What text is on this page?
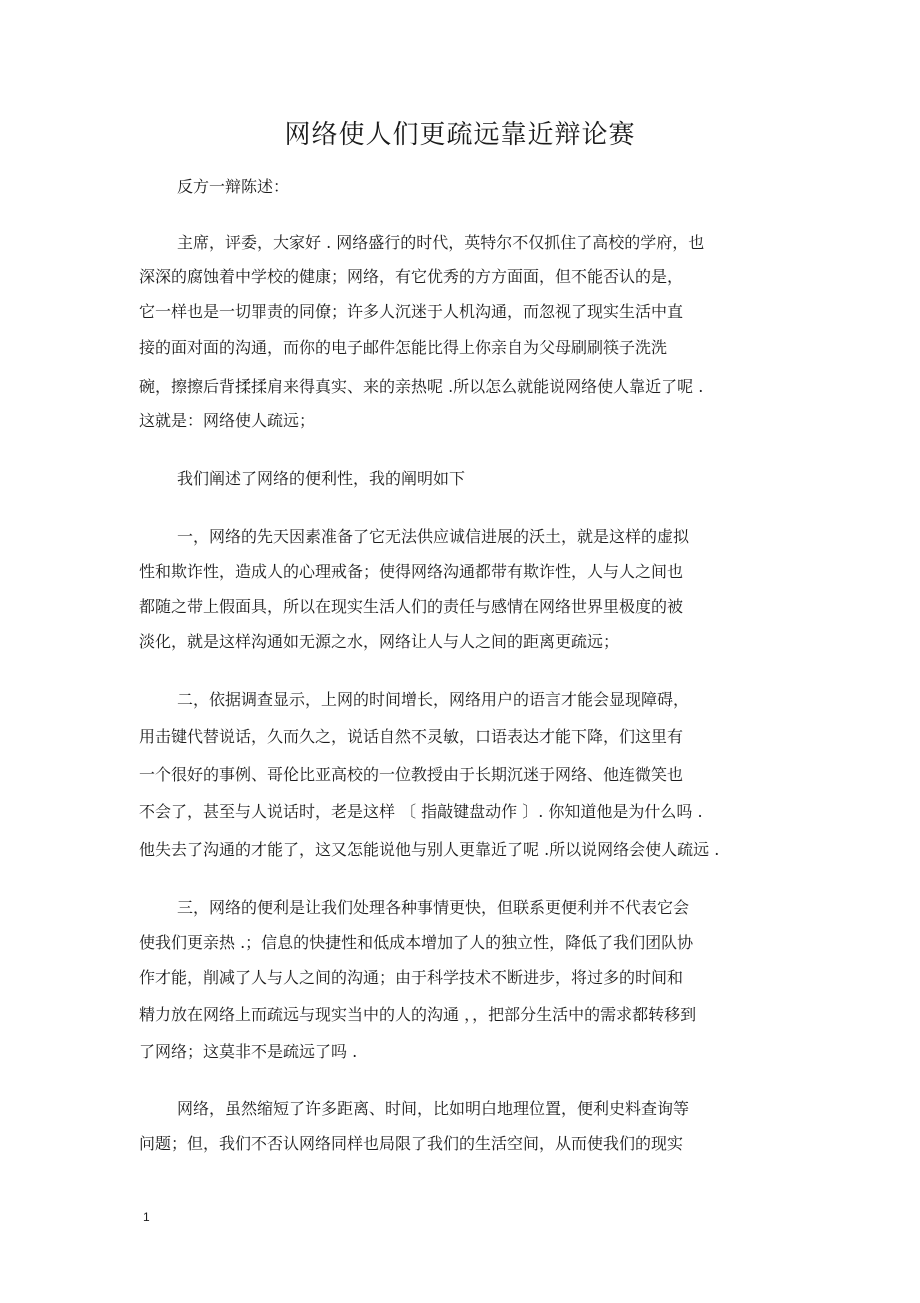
网络使人们更疏远靠近辩论赛
反方一辩陈述：
主席，评委，大家好 . 网络盛行的时代，英特尔不仅抓住了高校的学府，也
深深的腐蚀着中学校的健康；网络，有它优秀的方方面面，但不能否认的是，
它一样也是一切罪责的同僚；许多人沉迷于人机沟通，而忽视了现实生活中直
接的面对面的沟通，而你的电子邮件怎能比得上你亲自为父母刷刷筷子洗洗
碗，擦擦后背揉揉肩来得真实、来的亲热呢 .所以怎么就能说网络使人靠近了呢 .
这就是：网络使人疏远；
我们阐述了网络的便利性，我的阐明如下
一，网络的先天因素准备了它无法供应诚信进展的沃土，就是这样的虚拟
性和欺诈性，造成人的心理戒备；使得网络沟通都带有欺诈性，人与人之间也
都随之带上假面具，所以在现实生活人们的责任与感情在网络世界里极度的被
淡化，就是这样沟通如无源之水，网络让人与人之间的距离更疏远；
二，依据调查显示，上网的时间增长，网络用户的语言才能会显现障碍，
用击键代替说话，久而久之，说话自然不灵敏，口语表达才能下降，们这里有
一个很好的事例、哥伦比亚高校的一位教授由于长期沉迷于网络、他连微笑也
不会了，甚至与人说话时，老是这样 〔 指敲键盘动作 〕. 你知道他是为什么吗 .
他失去了沟通的才能了，这又怎能说他与别人更靠近了呢 .所以说网络会使人疏远 .
三，网络的便利是让我们处理各种事情更快，但联系更便利并不代表它会
使我们更亲热 .；信息的快捷性和低成本增加了人的独立性，降低了我们团队协
作才能，削减了人与人之间的沟通；由于科学技术不断进步，将过多的时间和
精力放在网络上而疏远与现实当中的人的沟通 ，，把部分生活中的需求都转移到
了网络；这莫非不是疏远了吗 .
网络，虽然缩短了许多距离、时间，比如明白地理位置，便利史料查询等
问题；但，我们不否认网络同样也局限了我们的生活空间，从而使我们的现实
1
